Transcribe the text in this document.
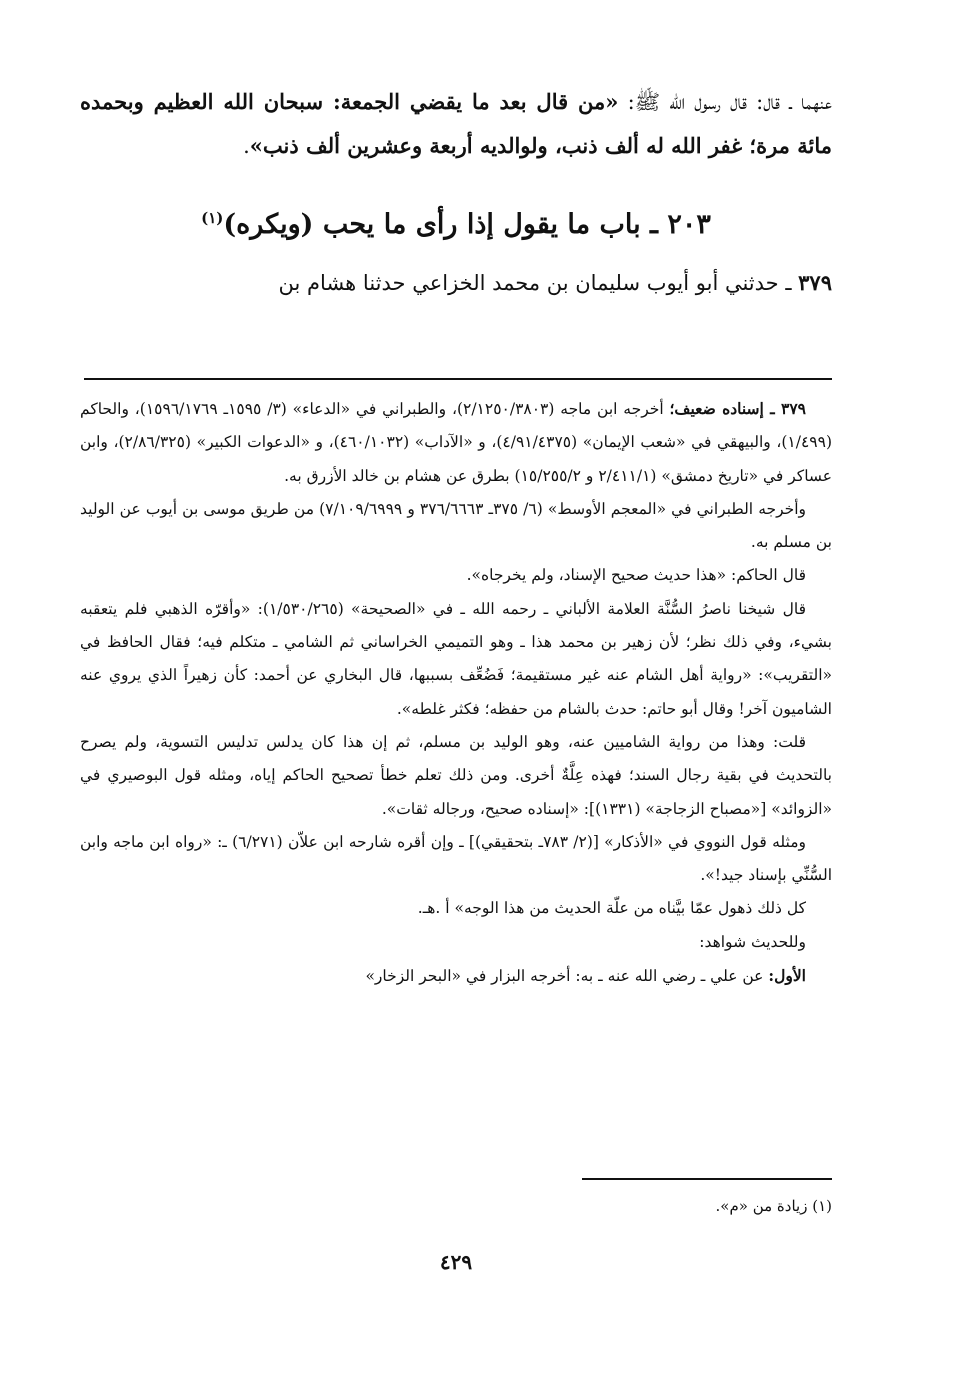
عنهما ـ قال: قال رسول الله ﷺ: «من قال بعد ما يقضي الجمعة: سبحان الله العظيم وبحمده مائة مرة؛ غفر الله له ألف ذنب، ولوالديه أربعة وعشرين ألف ذنب».

٢٠٣ ـ باب ما يقول إذا رأى ما يحب (ويكره)$^{(١)}$

٣٧٩ ـ حدثني أبو أيوب سليمان بن محمد الخزاعي حدثنا هشام بن

٣٧٩ ـ إسناده ضعيف؛ أخرجه ابن ماجه (٢/١٢٥٠/٣٨٠٣)، والطبراني في «الدعاء» (٣/ ١٥٩٥ـ ١٥٩٦/١٧٦٩)، والحاكم (١/٤٩٩)، والبيهقي في «شعب الإيمان» (٤/٩١/٤٣٧٥)، و «الآداب» (٤٦٠/١٠٣٢)، و «الدعوات الكبير» (٢/٨٦/٣٢٥)، وابن عساكر في «تاريخ دمشق» (٢/٤١١/١ و ١٥/٢٥٥/٢) بطرق عن هشام بن خالد الأزرق به.

وأخرجه الطبراني في «المعجم الأوسط» (٦/ ٣٧٥ـ ٣٧٦/٦٦٦٣ و ٧/١٠٩/٦٩٩٩) من طريق موسى بن أيوب عن الوليد بن مسلم به.

قال الحاكم: «هذا حديث صحيح الإسناد، ولم يخرجاه».

قال شيخنا ناصرُ السُّنَّة العلامة الألباني ـ رحمه الله ـ في «الصحيحة» (١/٥٣٠/٢٦٥): «وأقرّه الذهبي فلم يتعقبه بشيء، وفي ذلك نظر؛ لأن زهير بن محمد هذا ـ وهو التميمي الخراساني ثم الشامي ـ متكلم فيه؛ فقال الحافظ في «التقريب»: «رواية أهل الشام عنه غير مستقيمة؛ فَضُعِّف بسببها، قال البخاري عن أحمد: كأن زهيراً الذي يروي عنه الشاميون آخر! وقال أبو حاتم: حدث بالشام من حفظه؛ فكثر غلطه».

قلت: وهذا من رواية الشاميين عنه، وهو الوليد بن مسلم، ثم إن هذا كان يدلس تدليس التسوية، ولم يصرح بالتحديث في بقية رجال السند؛ فهذه عِلَّةٌ أخرى. ومن ذلك تعلم خطأ تصحيح الحاكم إياه، ومثله قول البوصيري في «الزوائد» [«مصباح الزجاجة» (١٣٣١)]: «إسناده صحيح، ورجاله ثقات».

ومثله قول النووي في «الأذكار» [(٢/ ٧٨٣ـ بتحقيقي)] ـ وإن أقره شارحه ابن علاّن (٦/٢٧١) ـ: «رواه ابن ماجه وابن السُّنِّي بإسناد جيد!».

كل ذلك ذهول عمّا بيَّناه من علّة الحديث من هذا الوجه» أ .هـ.

وللحديث شواهد:

الأول: عن علي ـ رضي الله عنه ـ به: أخرجه البزار في «البحر الزخار»

(١) زيادة من «م».
٤٢٩
